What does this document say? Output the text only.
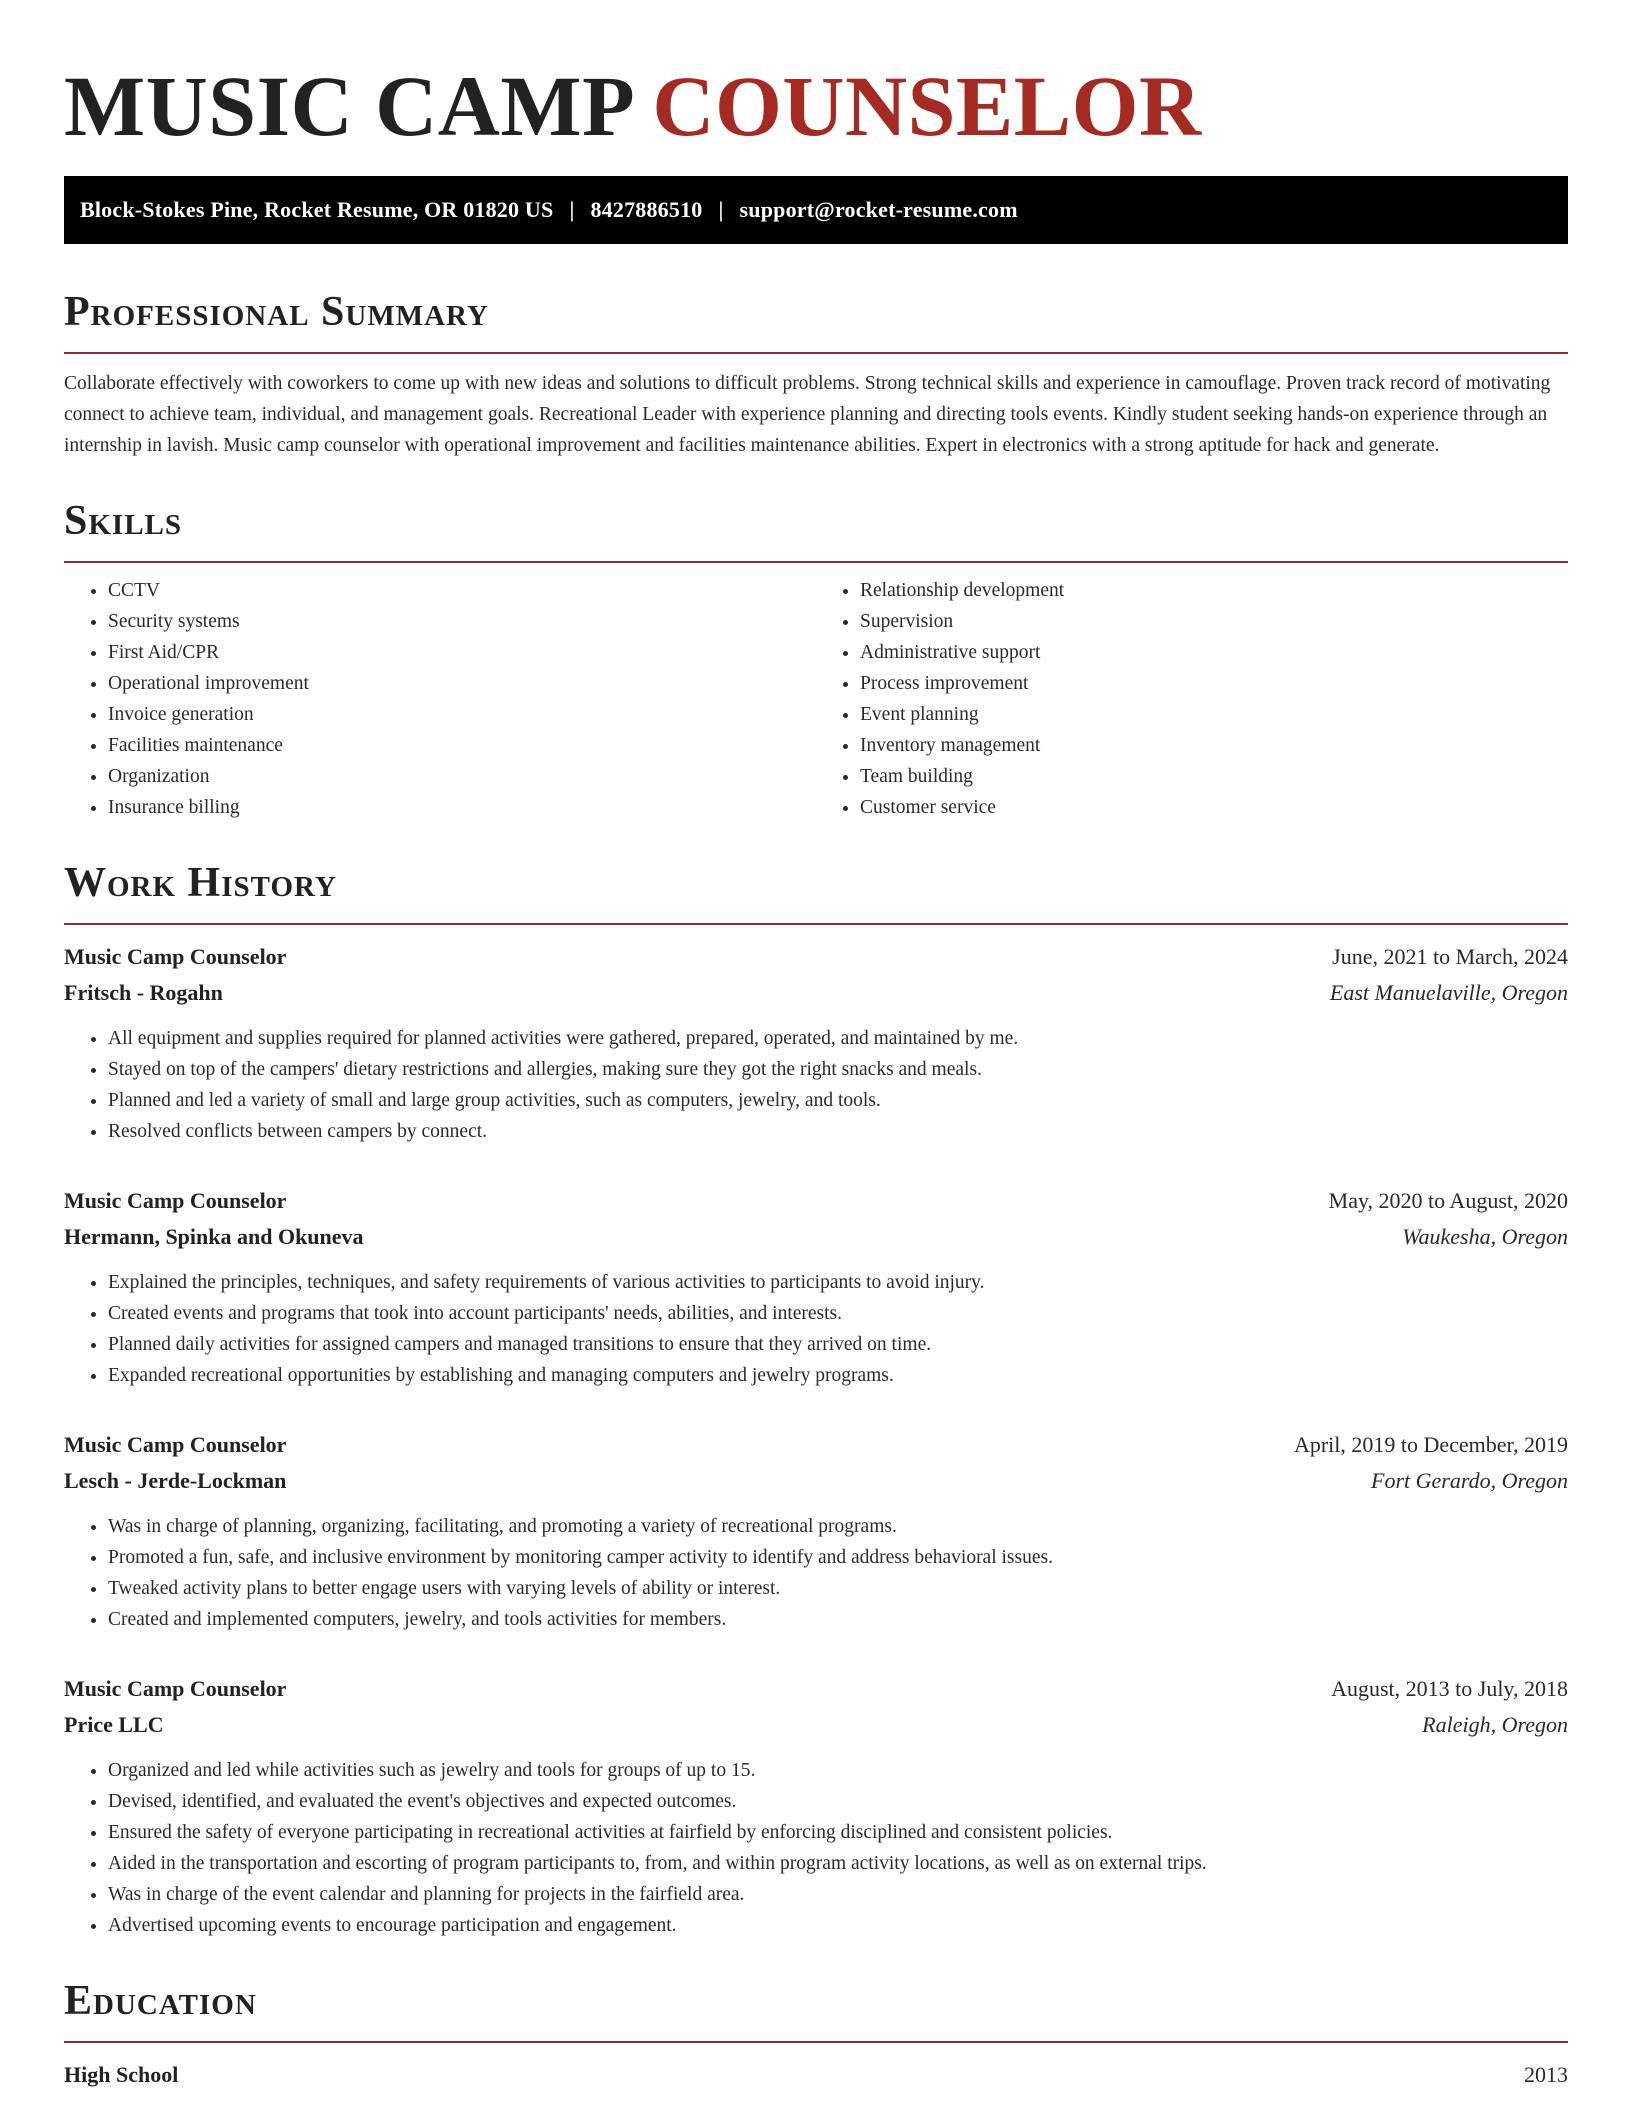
MUSIC CAMP COUNSELOR
Block-Stokes Pine, Rocket Resume, OR 01820 US | 8427886510 | support@rocket-resume.com
Professional Summary

Collaborate effectively with coworkers to come up with new ideas and solutions to difficult problems. Strong technical skills and experience in camouflage. Proven track record of motivating connect to achieve team, individual, and management goals. Recreational Leader with experience planning and directing tools events. Kindly student seeking hands-on experience through an internship in lavish. Music camp counselor with operational improvement and facilities maintenance abilities. Expert in electronics with a strong aptitude for hack and generate.

Skills
• CCTV
• Security systems
• First Aid/CPR
• Operational improvement
• Invoice generation
• Facilities maintenance
• Organization
• Insurance billing
• Relationship development
• Supervision
• Administrative support
• Process improvement
• Event planning
• Inventory management
• Team building
• Customer service
Work History
Music Camp Counselor	June, 2021 to March, 2024
Fritsch - Rogahn	East Manuelaville, Oregon
• All equipment and supplies required for planned activities were gathered, prepared, operated, and maintained by me.
• Stayed on top of the campers' dietary restrictions and allergies, making sure they got the right snacks and meals.
• Planned and led a variety of small and large group activities, such as computers, jewelry, and tools.
• Resolved conflicts between campers by connect.
Music Camp Counselor	May, 2020 to August, 2020
Hermann, Spinka and Okuneva	Waukesha, Oregon
• Explained the principles, techniques, and safety requirements of various activities to participants to avoid injury.
• Created events and programs that took into account participants' needs, abilities, and interests.
• Planned daily activities for assigned campers and managed transitions to ensure that they arrived on time.
• Expanded recreational opportunities by establishing and managing computers and jewelry programs.
Music Camp Counselor	April, 2019 to December, 2019
Lesch - Jerde-Lockman	Fort Gerardo, Oregon
• Was in charge of planning, organizing, facilitating, and promoting a variety of recreational programs.
• Promoted a fun, safe, and inclusive environment by monitoring camper activity to identify and address behavioral issues.
• Tweaked activity plans to better engage users with varying levels of ability or interest.
• Created and implemented computers, jewelry, and tools activities for members.
Music Camp Counselor	August, 2013 to July, 2018
Price LLC	Raleigh, Oregon
• Organized and led while activities such as jewelry and tools for groups of up to 15.
• Devised, identified, and evaluated the event's objectives and expected outcomes.
• Ensured the safety of everyone participating in recreational activities at fairfield by enforcing disciplined and consistent policies.
• Aided in the transportation and escorting of program participants to, from, and within program activity locations, as well as on external trips.
• Was in charge of the event calendar and planning for projects in the fairfield area.
• Advertised upcoming events to encourage participation and engagement.
Education
High School	2013
